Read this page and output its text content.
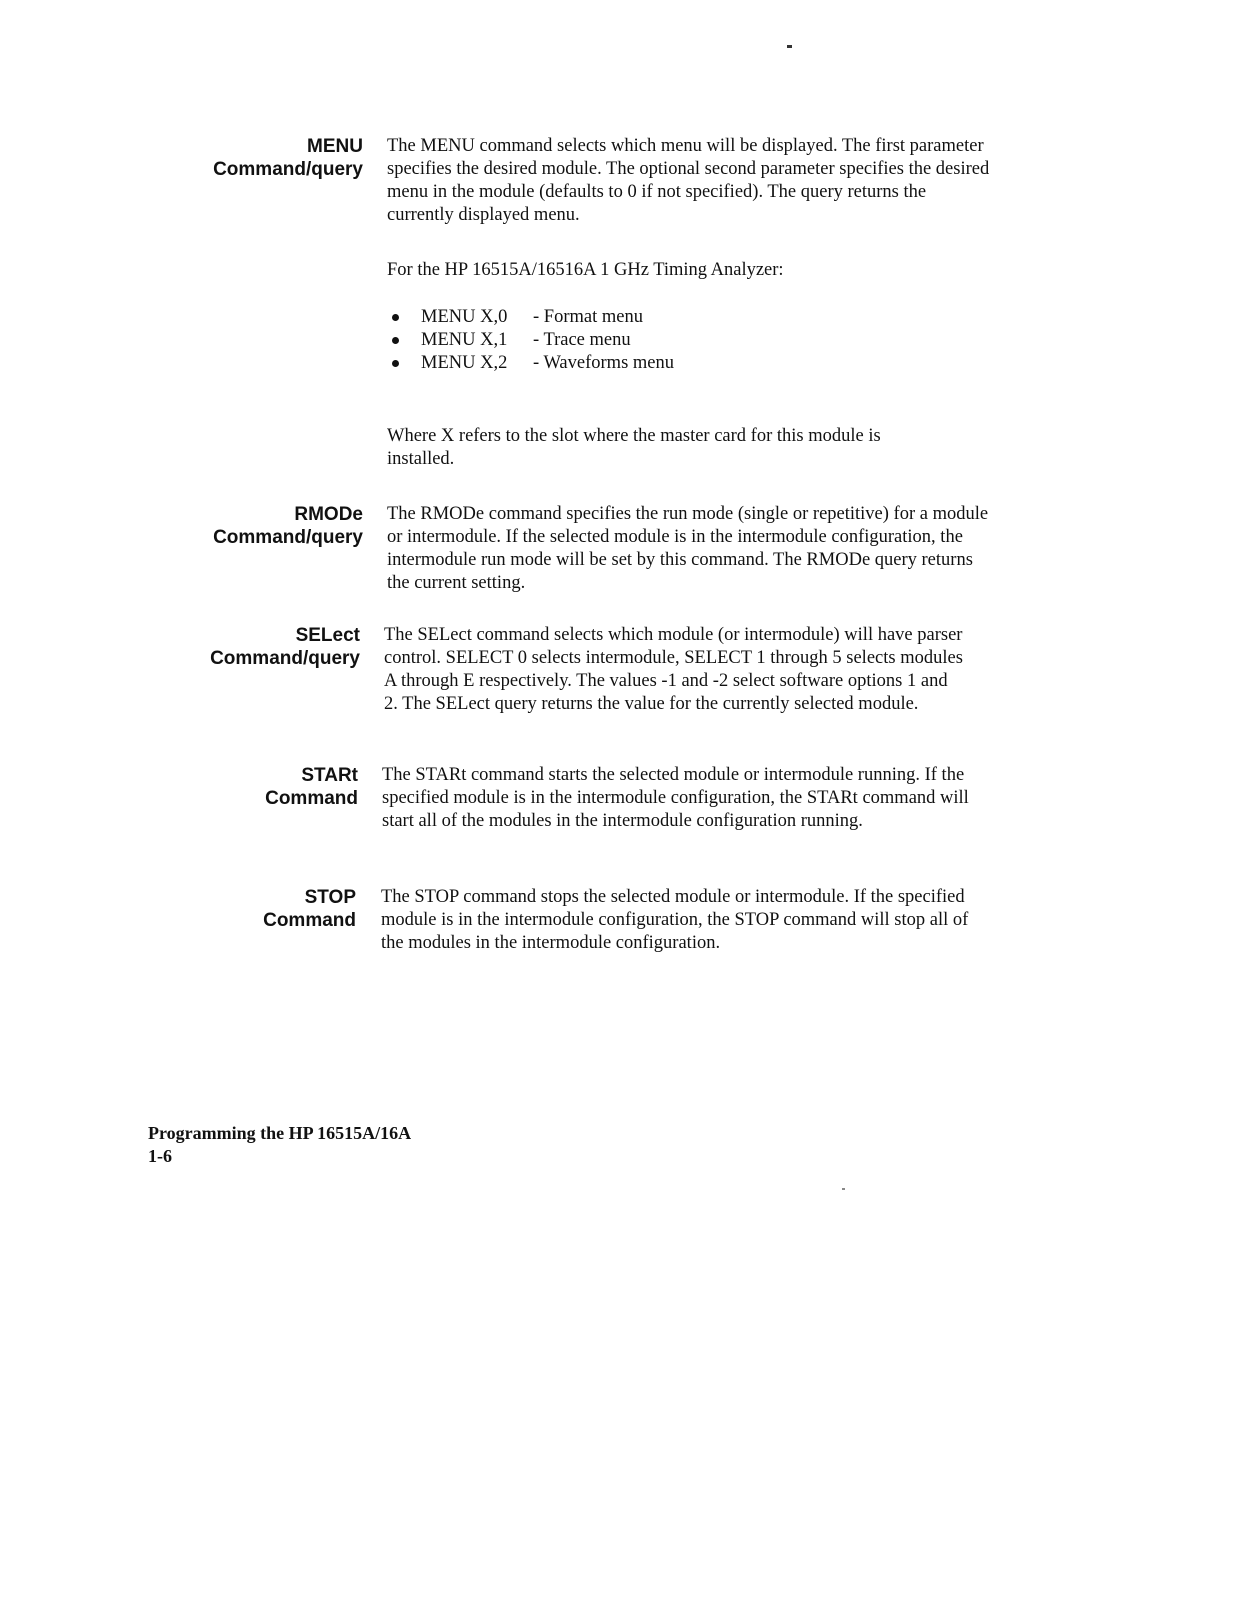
MENU
Command/query

The MENU command selects which menu will be displayed. The first parameter specifies the desired module. The optional second parameter specifies the desired menu in the module (defaults to 0 if not specified). The query returns the currently displayed menu.

For the HP 16515A/16516A 1 GHz Timing Analyzer:

MENU X,0 - Format menu
MENU X,1 - Trace menu
MENU X,2 - Waveforms menu

Where X refers to the slot where the master card for this module is installed.

RMODe
Command/query

The RMODe command specifies the run mode (single or repetitive) for a module or intermodule. If the selected module is in the intermodule configuration, the intermodule run mode will be set by this command. The RMODe query returns the current setting.

SELect
Command/query

The SELect command selects which module (or intermodule) will have parser control. SELECT 0 selects intermodule, SELECT 1 through 5 selects modules A through E respectively. The values -1 and -2 select software options 1 and 2. The SELect query returns the value for the currently selected module.

STARt
Command

The STARt command starts the selected module or intermodule running. If the specified module is in the intermodule configuration, the STARt command will start all of the modules in the intermodule configuration running.

STOP
Command

The STOP command stops the selected module or intermodule. If the specified module is in the intermodule configuration, the STOP command will stop all of the modules in the intermodule configuration.

Programming the HP 16515A/16A
1-6
